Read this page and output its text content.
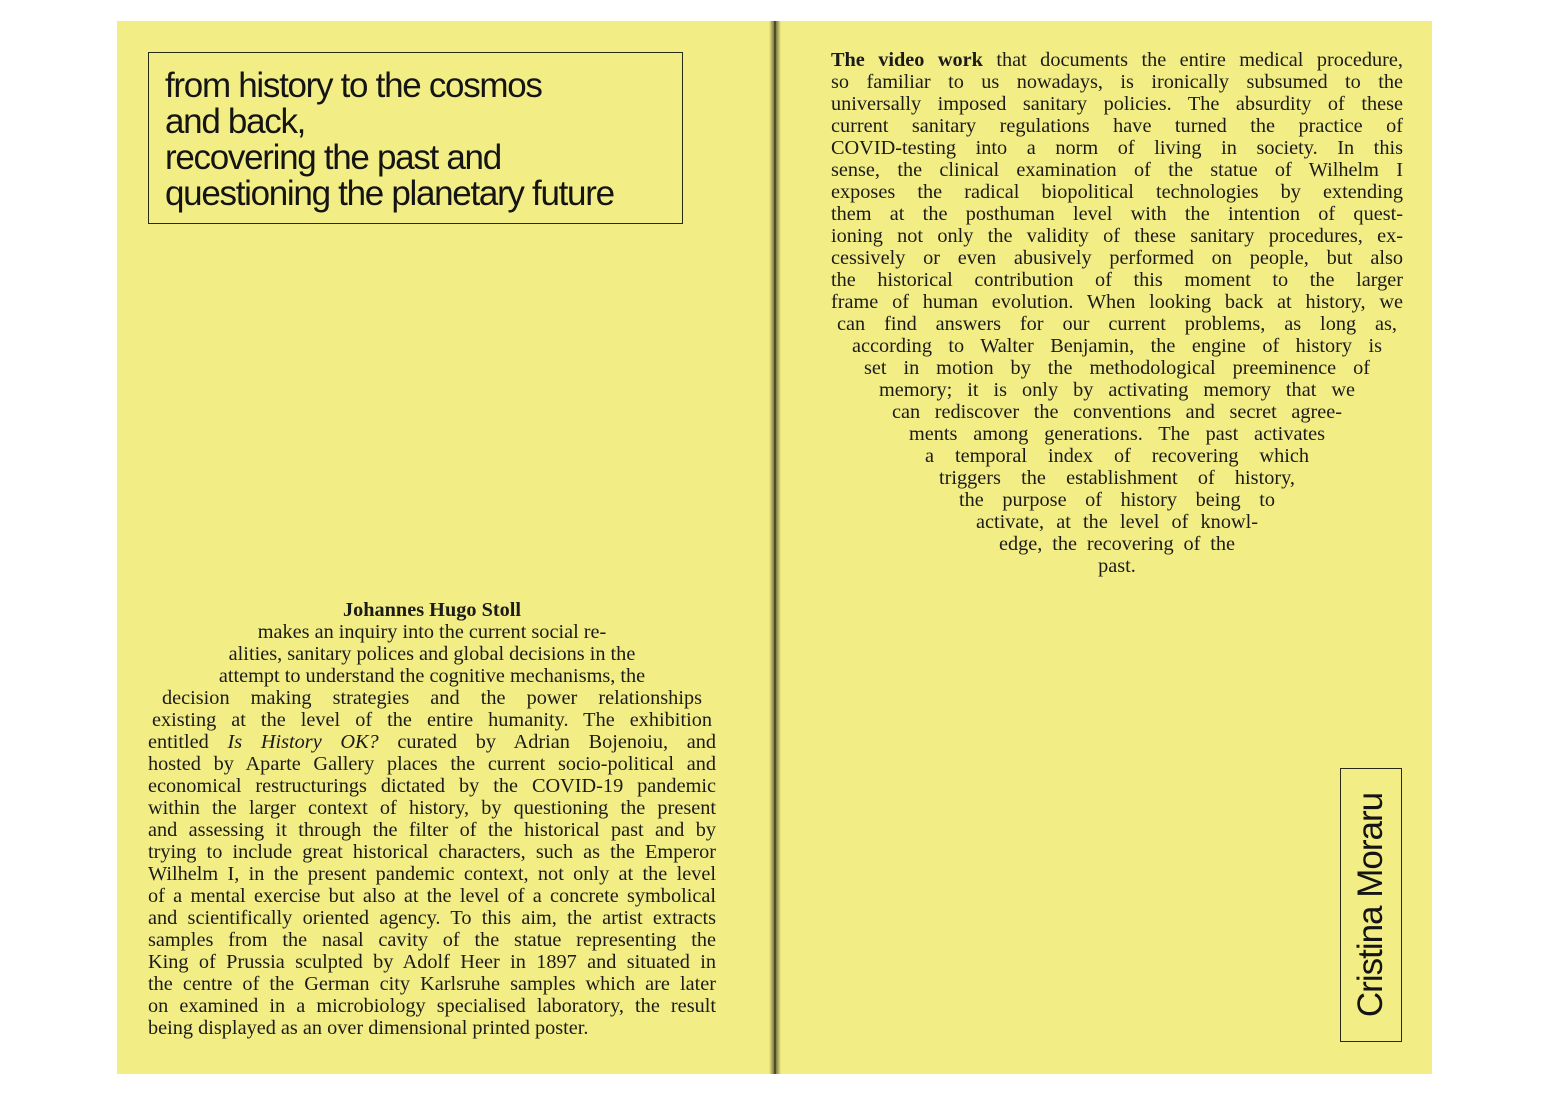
from history to the cosmos
and back,
recovering the past and
questioning the planetary future
Johannes Hugo Stoll
makes an inquiry into the current social re-
alities, sanitary polices and global decisions in the
attempt to understand the cognitive mechanisms, the
decision making strategies and the power relationships
existing at the level of the entire humanity. The exhibition
entitled Is History OK? curated by Adrian Bojenoiu, and
hosted by Aparte Gallery places the current socio-political and
economical restructurings dictated by the COVID-19 pandemic
within the larger context of history, by questioning the present
and assessing it through the filter of the historical past and by
trying to include great historical characters, such as the Emperor
Wilhelm I, in the present pandemic context, not only at the level
of a mental exercise but also at the level of a concrete symbolical
and scientifically oriented agency. To this aim, the artist extracts
samples from the nasal cavity of the statue representing the
King of Prussia sculpted by Adolf Heer in 1897 and situated in
the centre of the German city Karlsruhe samples which are later
on examined in a microbiology specialised laboratory, the result
being displayed as an over dimensional printed poster.
The video work that documents the entire medical procedure,
so familiar to us nowadays, is ironically subsumed to the
universally imposed sanitary policies. The absurdity of these
current sanitary regulations have turned the practice of
COVID-testing into a norm of living in society. In this
sense, the clinical examination of the statue of Wilhelm I
exposes the radical biopolitical technologies by extending
them at the posthuman level with the intention of quest-
ioning not only the validity of these sanitary procedures, ex-
cessively or even abusively performed on people, but also
the historical contribution of this moment to the larger
frame of human evolution. When looking back at history, we
can find answers for our current problems, as long as,
according to Walter Benjamin, the engine of history is
set in motion by the methodological preeminence of
memory; it is only by activating memory that we
can rediscover the conventions and secret agree-
ments among generations. The past activates
a temporal index of recovering which
triggers the establishment of history,
the purpose of history being to
activate, at the level of knowl-
edge, the recovering of the
past.
Cristina Moraru
